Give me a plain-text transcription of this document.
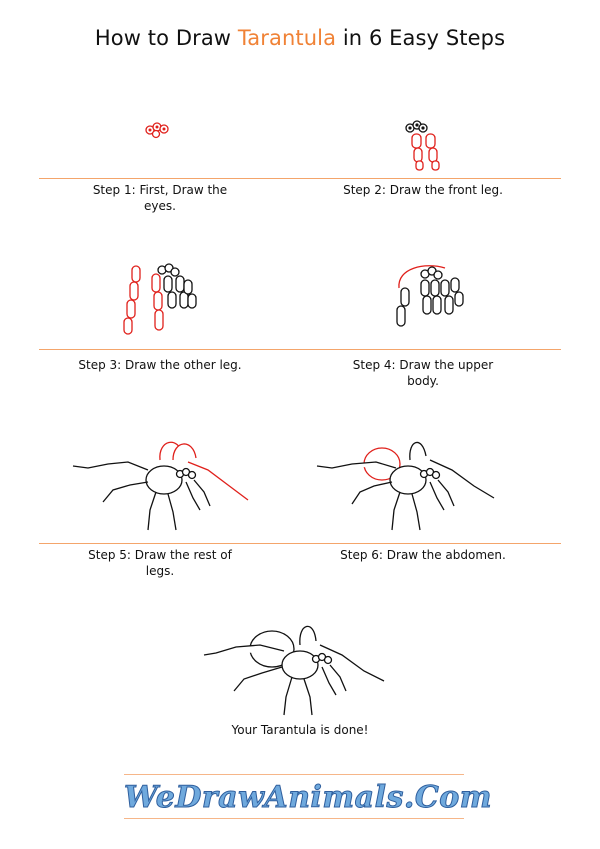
How to Draw Tarantula in 6 Easy Steps
Step 1: First, Draw the
eyes.
Step 2: Draw the front leg.

Step 3: Draw the other leg.	Step 4: Draw the upper
body.
Step 5: Draw the rest of
legs.
Step 6: Draw the abdomen.

Your Tarantula is done!
WeDrawAnimals.Com
